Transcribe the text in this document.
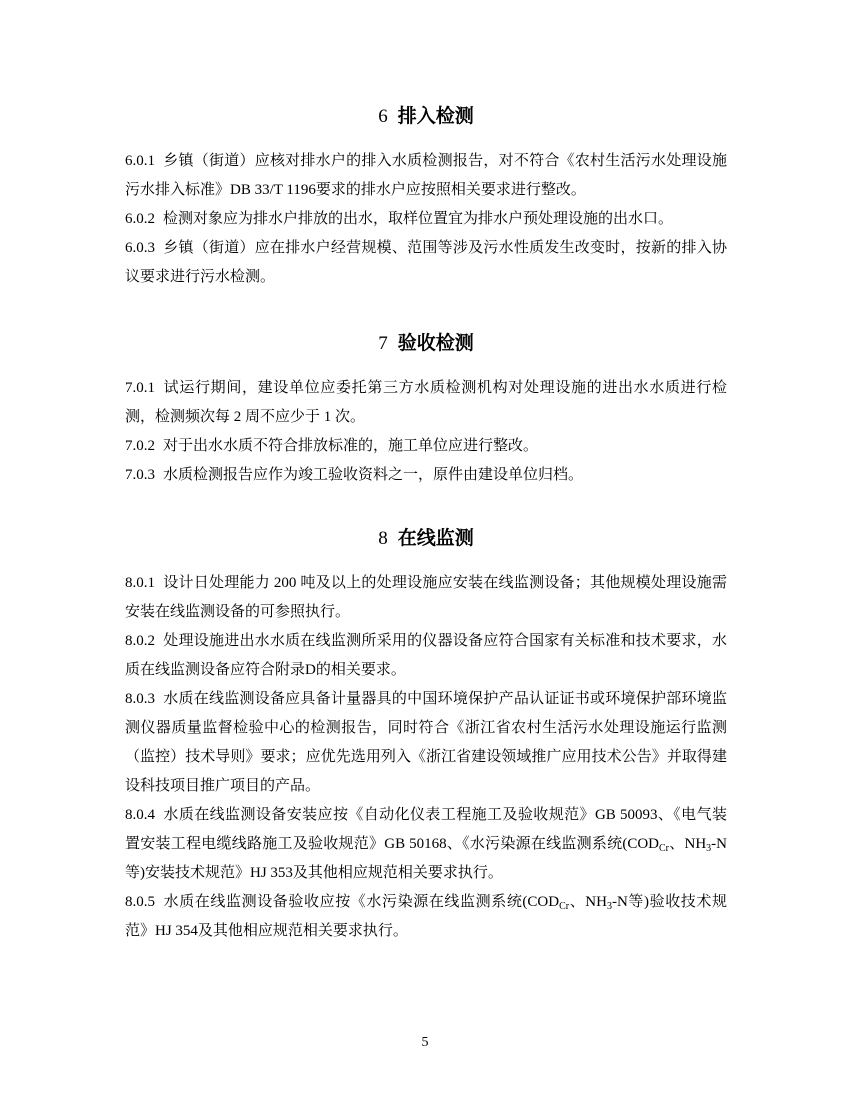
6 排入检测

6.0.1 乡镇（街道）应核对排水户的排入水质检测报告，对不符合《农村生活污水处理设施污水排入标准》DB 33/T 1196要求的排水户应按照相关要求进行整改。

6.0.2 检测对象应为排水户排放的出水，取样位置宜为排水户预处理设施的出水口。

6.0.3 乡镇（街道）应在排水户经营规模、范围等涉及污水性质发生改变时，按新的排入协议要求进行污水检测。

7 验收检测

7.0.1 试运行期间，建设单位应委托第三方水质检测机构对处理设施的进出水水质进行检测，检测频次每 2 周不应少于 1 次。

7.0.2 对于出水水质不符合排放标准的，施工单位应进行整改。

7.0.3 水质检测报告应作为竣工验收资料之一，原件由建设单位归档。

8 在线监测

8.0.1 设计日处理能力 200 吨及以上的处理设施应安装在线监测设备；其他规模处理设施需安装在线监测设备的可参照执行。

8.0.2 处理设施进出水水质在线监测所采用的仪器设备应符合国家有关标准和技术要求，水质在线监测设备应符合附录D的相关要求。

8.0.3 水质在线监测设备应具备计量器具的中国环境保护产品认证证书或环境保护部环境监测仪器质量监督检验中心的检测报告，同时符合《浙江省农村生活污水处理设施运行监测（监控）技术导则》要求；应优先选用列入《浙江省建设领域推广应用技术公告》并取得建设科技项目推广项目的产品。

8.0.4 水质在线监测设备安装应按《自动化仪表工程施工及验收规范》GB 50093、《电气装置安装工程电缆线路施工及验收规范》GB 50168、《水污染源在线监测系统($COD_{Cr}$、$NH_3-N$等)安装技术规范》HJ 353及其他相应规范相关要求执行。

8.0.5 水质在线监测设备验收应按《水污染源在线监测系统($COD_{Cr}$、$NH_3-N$等)验收技术规范》HJ 354及其他相应规范相关要求执行。

5
